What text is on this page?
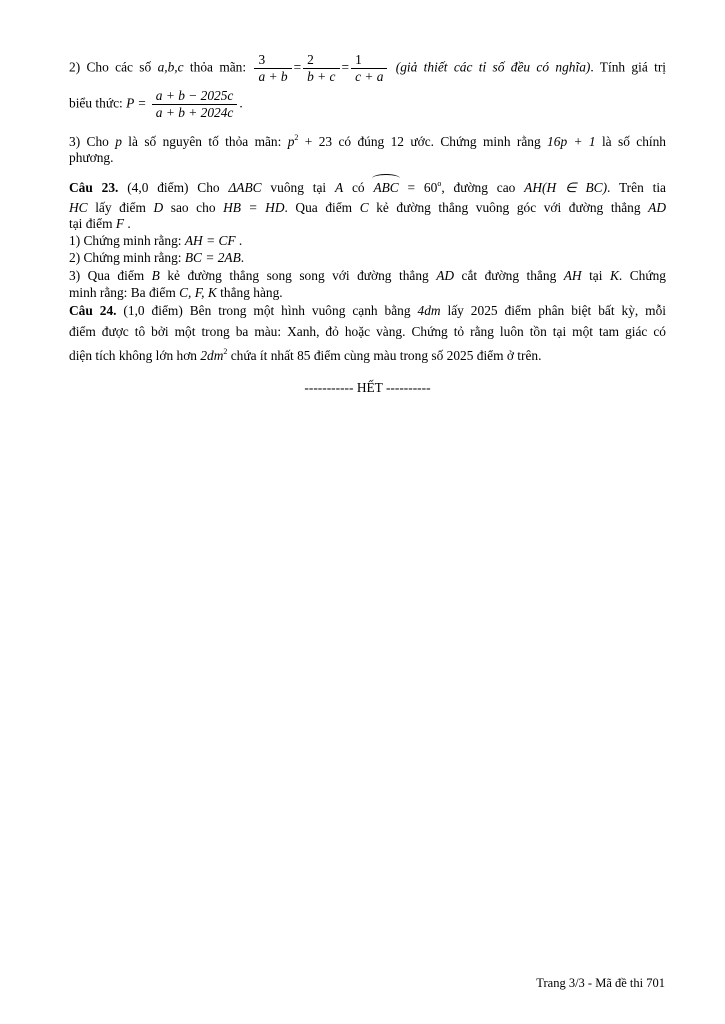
2) Cho các số a,b,c thỏa mãn: $\frac{3}{a + b} = \frac{2}{b + c} = \frac{1}{c + a}$ (giả thiết các tỉ số đều có nghĩa). Tính giá trị
biểu thức: $P = \frac{a + b - 2025c}{a + b + 2024c}$ .
3) Cho p là số nguyên tố thỏa mãn: $p^2 + 23$ có đúng 12 ước. Chứng minh rằng 16p + 1 là số chính
phương.
Câu 23. (4,0 điểm) Cho ΔABC vuông tại A có ABC = $60^o$, đường cao AH(H ∈ BC). Trên tia
HC lấy điểm D sao cho HB = HD. Qua điểm C kẻ đường thẳng vuông góc với đường thẳng AD
tại điểm F .
1) Chứng minh rằng: AH = CF .
2) Chứng minh rằng: BC = 2AB.
3) Qua điểm B kẻ đường thẳng song song với đường thẳng AD cắt đường thẳng AH tại K. Chứng
minh rằng: Ba điểm C, F, K thẳng hàng.
Câu 24. (1,0 điểm) Bên trong một hình vuông cạnh bằng 4dm lấy 2025 điểm phân biệt bất kỳ, mỗi
điểm được tô bởi một trong ba màu: Xanh, đỏ hoặc vàng. Chứng tỏ rằng luôn tồn tại một tam giác có
diện tích không lớn hơn $2dm^2$ chứa ít nhất 85 điểm cùng màu trong số 2025 điểm ở trên.
----------- HẾT ----------
Trang 3/3 - Mã đề thi 701
